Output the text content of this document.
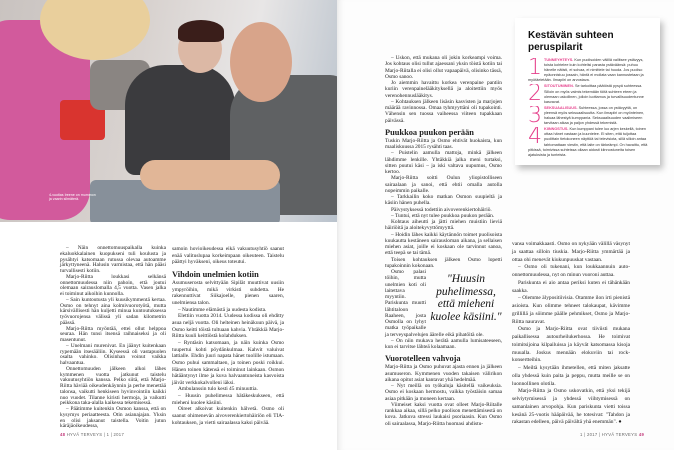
4-vuotias Ireene on mummon ja vaarin silmäterä.

– Näin onnettomuuspaikalla kuinka ekaluokkalainen kuopukseni tuli koulusta ja pysähtyi katsomaan rutussa olevaa autoamme järkyttyneenä. Halusin varmistaa, että hän pääsi turvallisesti kotiin.

Marjo-Riitta loukkasi selkänsä onnettomuudessa niin pahoin, että joutui olemaan sairauslomalla 4,5 vuotta. Vasen jalka ei toiminut aikoihin kunnolla.

– Sain kuntoutusta yli kuusikymmentä kertaa. Osmo on tehnyt aina kolmivuorotyötä, mutta kärsivällisesti hän kuljetti minua kuntoutuksessa työvuorojensa välissä yli sadan kilometrin päässä.

Marjo-Riitta myöntää, ettei ollut helppoa seuraa. Hän tunsi itsensä raihnaiseksi ja oli masentunut.

– Unelmani murenivat. En jäänyt kuitenkaan rypemään itsesääliin. Kyseessä oli vastapuolen osalta vahinko. Olisinhan voinut vaikka halvaantua.

Onnettomuuden jälkeen alkoi lähes kymmenen vuotta jatkunut taistelu vakuutusyhtiön kanssa. Pelko siitä, että Marjo-Riitta häviää oikeudenkäynnin ja perhe menettää talonsa, vaikutti henkiseen hyvinvointiin kaikki nuo vuodet. Tilanne kiristi hermoja, ja vaikutti peikkona taka-alalla kaikessa tekemisessä.

– Päätimme kuitenkin Osmon kanssa, että on kysymys periaatteesta. Otin asianajajan. Yksin en olisi jaksanut taistella. Voitin jutun käräjäoikeudessa,

samoin hovioikeudessa eikä vakuutusyhtiö saanut enää valituslupaa korkeimpaan oikeuteen. Taistelu päättyi hyväkseni, oikeus toteutui.

Vihdoin unelmien kotiin

Asumuserosta selvittyään Sipilät muuttivat uusiin ympyröihin, mikä virkisti suhdetta. He rakennuttivat Siikajoelle, pienen saaren, unelmiensa talon.

– Nautimme elämästä ja uudesta kodista.

Elettiin vuotta 2014. Uudessa kodissa oli ehditty asua neljä vuotta. Oli helteinen heinäkuun päivä, ja Osmo keitti töistä tultuaan kahvia. Yhtäkkiä Marjo-Riitta kuuli keittiöstä kolahduksen.

– Ryntäsin katsomaan, ja näin kuinka Osmo tuupertui kohti pöydänkulmaa. Kahvit valuivat lattialle. Ehdin juuri napata hänet tuolille istumaan. Osmo puhui sammaltaen, ja toinen poski roikkui. Hänen toinen kätensä ei toiminut lainkaan. Osmon hätääntynyt ilme ja kuva halvaantuneista kasvoista jäivät verkkokalvolleni iäksi.

Ambulanssin tulo kesti 45 minuuttia.

– Huusin puhelimessa hätäkeskukseen, että mieheni kuolee käsiini.

Oireet alkoivat kuitenkin hälvetä. Osmo oli saanut ohimenevän aivoverenkiertohäiriön eli TIA-kohtauksen, ja vietti sairaalassa kaksi päivää.

– Uskon, että mukana oli jokin korkeampi voima. Jos kohtaus olisi tullut ajaessani yksin töistä kotiin tai Marjo-Riitalla ei olisi ollut vapaapäivä, olisinko tässä, Osmo sanoo.

Jo aiemmin havaittu korkea verenpaine pantiin kuriin verenpainelääkityksellä ja aloitettiin myös verenohennuslääkitys.

– Kohtauksen jälkeen lisäsin kasvisten ja marjojen määrää ravinnossa. Omaa tyhmyyttäni oli tupakointi. Vähensin sen tuossa vaiheessa viiteen tupakkaan päivässä.

Puukkoa puukon perään

Tuskin Marjo-Riitta ja Osmo ehtivät huokaista, kun maaliskuussa 2015 rysähti taas.

– Puistelin aamulla mattoja, minkä jälkeen lähdimme lenkille. Yhtäkkiä jalka meni turtaksi, sitten puutui käsi – ja iski valtava uupumus, Osmo kertoo.

Marjo-Riitta soitti Oulun yliopistolliseen sairaalaan ja sanoi, että ehtii omalla autolla nopeimmin paikalle.

– Tarkkailin koko matkan Osmon suupieltä ja käsiin hänen puhella.

Päivystyksessä todettiin aivoverenkiertohäiriö.

– Tuntui, että nyt tulee puukkoa puukon perään.

Kohtaus aiheutti ja jätti miehen muistiin lieviä häiriöitä ja aloitekyvyttömyyttä.

– Hoidin lähes kaikki käytännön toimet puolisoista kuukautta kestäneen sairausloman aikana, ja sellaisen miehen asiat, joille ei koskaan ole tarvinnut sanoa, että teepä se tai tämä.

Toisen kohtauksen jälkeen Osmo lopetti tupakoinnin kokonaan.

"Huusin puhelimessa, että mieheni kuolee käsiini."

Osmo palasi töihin, mutta unelmien koti oli laitettava myyntiin. Pariskunta muutti lähtitaloon Raaheen, josta Osmolla on lyhyt matka työpaikalle ja terveyspalvelujen äärelle eikä pihatöitä ole.

– On niin mukava herätä aamulla lumisateeseen, kun ei tarvitse lähteä kolaamaan.

Vuorotelleen vahvoja

Marjo-Riitta ja Osmo puhuvat ajasta ennen ja jälkeen asumuseron. Kymmenen vuoden takaisen välirikon aikana opitut asiat kantavat yhä hedelmää.

– Nyt meillä on työkaluja käsitellä vaikeuksia. Osmo ei koskaan hermostu, vaikka työstäisin samaa asiaa pitkään ja moneen kertaan.

Viimeiset kaksi vuotta ovat olleet Marjo-Riitalle rankkaa aikaa, sillä pelko puolison menettämisestä on kova. Jatkuva stressi laukaisi psoriaasin. Kun Osmo oli sairaalassa, Marjo-Riitta huomasi ahdistu-

vansa voimakkaasti. Osmo on nykyään välillä väsynyt ja saattaa silloin tiuskia. Marjo-Riitta ymmärtää ja ottaa ohi menevät kiukunpuuskat vastaan.

– Osmo oli tukenani, kun loukkaannuin auto-onnettomuudessa, nyt on minun vuoroni auttaa.

Pariskunta ei aio antaa periksi kuten ei tähänkään saakka.

– Olemme älypositiivisia. Otamme ilon irti pienistä asioista. Kun olimme tehneet talokaupat, kävimme grillillä ja söimme päälle pehmikset, Osmo ja Marjo-Riitta nauravat.

Osmo ja Marjo-Riitta ovat tiiviisti mukana paikallisessa autourheilukerhossa. He toimivat toimitsijoina kilpailuissa ja käyvät katsomassa kisoja muualla. Joskus mennään elokuviin tai rock-konsertteihin.

– Meiltä kysytään ihmetellen, että miten jaksatte olla yhdessä kuin paita ja peppu, mutta meille se on luonnollinen olotila.

Marjo-Riitta ja Osmo uskovatkin, että yksi tekijä selviytymisessä ja yhdessä viihtymisessä on samanlainen arvopohja. Kun pariskunta vietti toissa kesänä 25-vuotis hääpäivää, he totesivat: "Tahdon ja rakastan edelleen, päivä päivältä yhä enemmän". ●

Kestävän suhteen peruspilarit
1 TUNNEYHTEYS. Kun puolisoiden välillä vallitsee ystävyys, toista kohtelee kuin kohtelisi parasta ystäväänsä: puhuu hänelle nätisti, ei solvaa, ei nimittele tai huuda. Jos puoliso epäonnistuu jossain, häntä ei mollata vaan kannustetaan ja myötäeletään. Ilmapiiri on arvostava.
2 SITOUTUMINEN. Se tarkoittaa päätöstä pysyä suhteessa. Silloin on myös valmis tekemään töitä suhteen eteen ja olemaan uskollinen, jolloin luottamus ja turvallisuudentunne kasvavat.
3 SEKSUAALISUUS. Suhteessa, jossa on ystävyyttä, on yleensä myös seksuaalisuutta. Kun ilmapiiri on myönteinen, haluaa lähestyä kumppania. Seksuaalisuuden vaalimiseen tarvitaan aikaa ja paljon yhdessä tekemistä.
4 KIINNOSTUS. Kun kumppani tulee luo arjen keskellä, toinen ottaa hänet vastaan ja kuuntelee. Ei siten, että tuijottaa puolittain tietokoneen näyttöä tai televisiota, sillä silloin antaa tahtomattaan viestin, että laite on tärkeämpi. On havaittu, että pitkissä, toimivissa suhteissa ollaan aidosti kiinnostuneita toisen ajatuksista ja tunteista.
48 HYVÄ TERVEYS | 1 | 2017	1 | 2017 | HYVÄ TERVEYS 49
